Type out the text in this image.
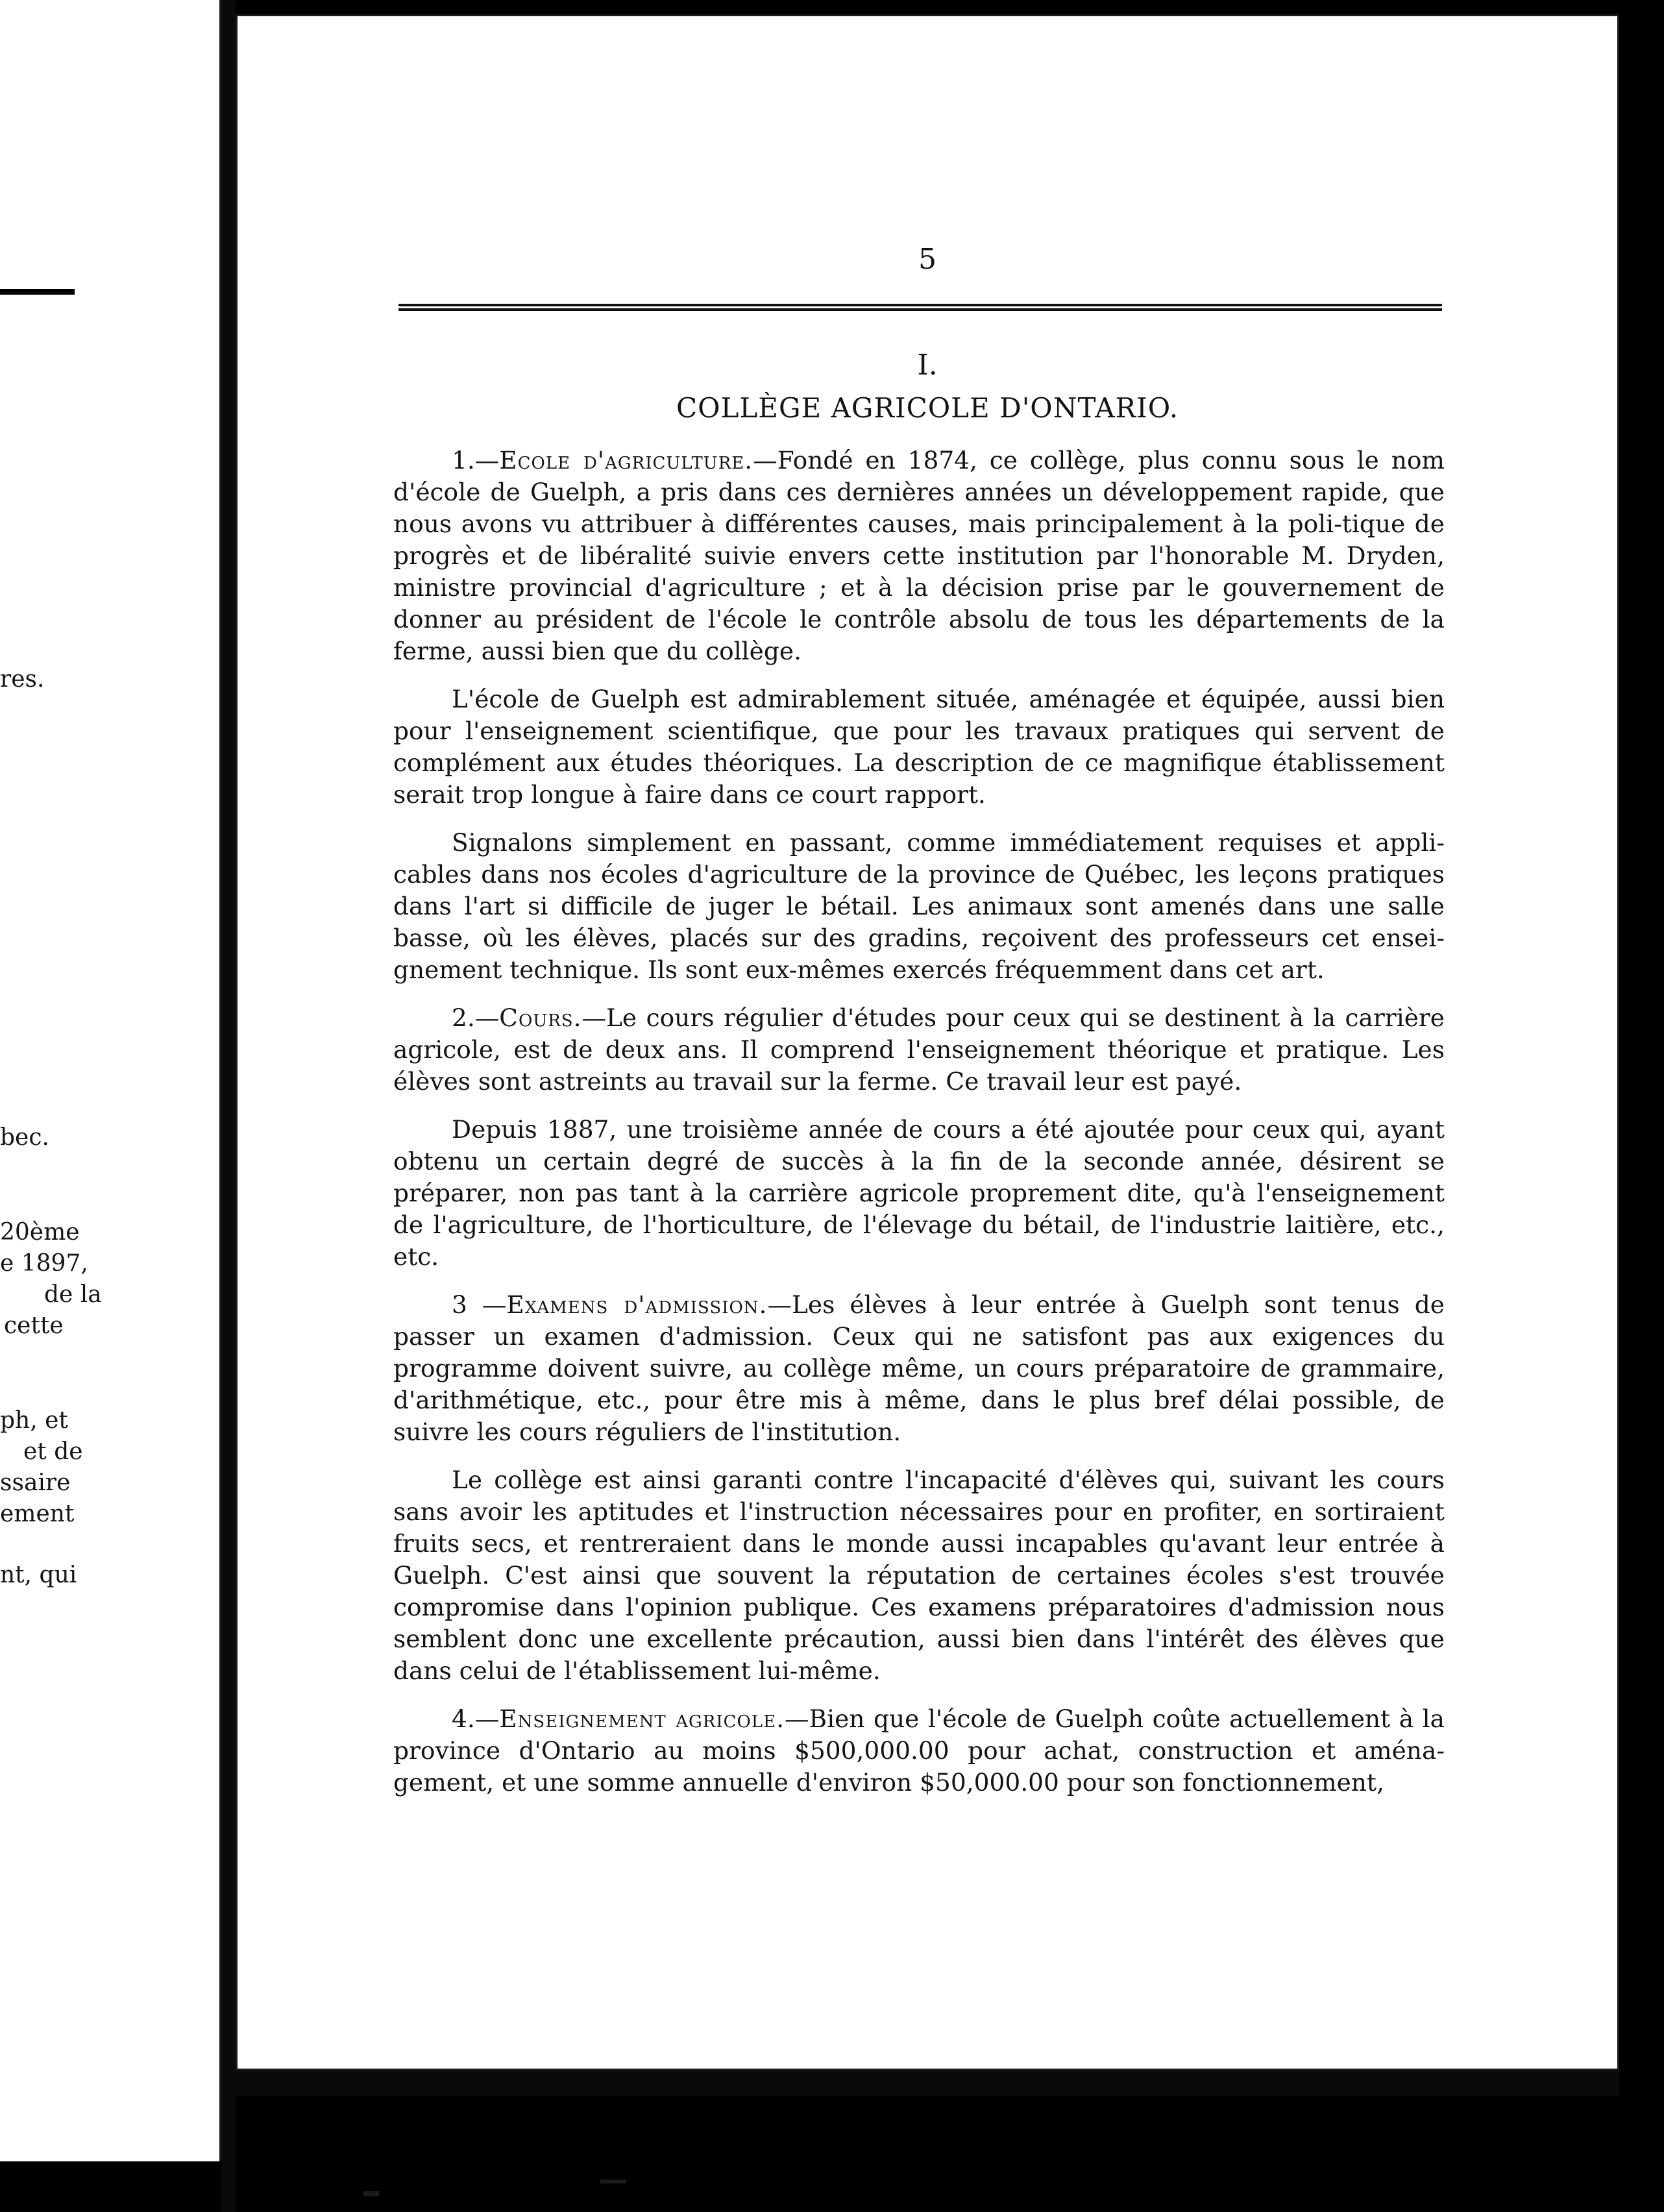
res.
bec.
20ème
e 1897,
de la
cette
ph, et
et de
ssaire
ement
nt, qui
5
I.
COLLÈGE AGRICOLE D'ONTARIO.

1.—Ecole d'agriculture.—Fondé en 1874, ce collège, plus connu sous le nom d'école de Guelph, a pris dans ces dernières années un développement rapide, que nous avons vu attribuer à différentes causes, mais principalement à la poli-tique de progrès et de libéralité suivie envers cette institution par l'honorable M. Dryden, ministre provincial d'agriculture ; et à la décision prise par le gouvernement de donner au président de l'école le contrôle absolu de tous les départements de la ferme, aussi bien que du collège.

L'école de Guelph est admirablement située, aménagée et équipée, aussi bien pour l'enseignement scientifique, que pour les travaux pratiques qui servent de complément aux études théoriques. La description de ce magnifique établissement serait trop longue à faire dans ce court rapport.

Signalons simplement en passant, comme immédiatement requises et appli-cables dans nos écoles d'agriculture de la province de Québec, les leçons pratiques dans l'art si difficile de juger le bétail. Les animaux sont amenés dans une salle basse, où les élèves, placés sur des gradins, reçoivent des professeurs cet ensei-gnement technique. Ils sont eux-mêmes exercés fréquemment dans cet art.

2.—Cours.—Le cours régulier d'études pour ceux qui se destinent à la carrière agricole, est de deux ans. Il comprend l'enseignement théorique et pratique. Les élèves sont astreints au travail sur la ferme. Ce travail leur est payé.

Depuis 1887, une troisième année de cours a été ajoutée pour ceux qui, ayant obtenu un certain degré de succès à la fin de la seconde année, désirent se préparer, non pas tant à la carrière agricole proprement dite, qu'à l'enseignement de l'agriculture, de l'horticulture, de l'élevage du bétail, de l'industrie laitière, etc., etc.

3 —Examens d'admission.—Les élèves à leur entrée à Guelph sont tenus de passer un examen d'admission. Ceux qui ne satisfont pas aux exigences du programme doivent suivre, au collège même, un cours préparatoire de grammaire, d'arithmétique, etc., pour être mis à même, dans le plus bref délai possible, de suivre les cours réguliers de l'institution.

Le collège est ainsi garanti contre l'incapacité d'élèves qui, suivant les cours sans avoir les aptitudes et l'instruction nécessaires pour en profiter, en sortiraient fruits secs, et rentreraient dans le monde aussi incapables qu'avant leur entrée à Guelph. C'est ainsi que souvent la réputation de certaines écoles s'est trouvée compromise dans l'opinion publique. Ces examens préparatoires d'admission nous semblent donc une excellente précaution, aussi bien dans l'intérêt des élèves que dans celui de l'établissement lui-même.

4.—Enseignement agricole.—Bien que l'école de Guelph coûte actuellement à la province d'Ontario au moins $500,000.00 pour achat, construction et aména-gement, et une somme annuelle d'environ $50,000.00 pour son fonctionnement,
